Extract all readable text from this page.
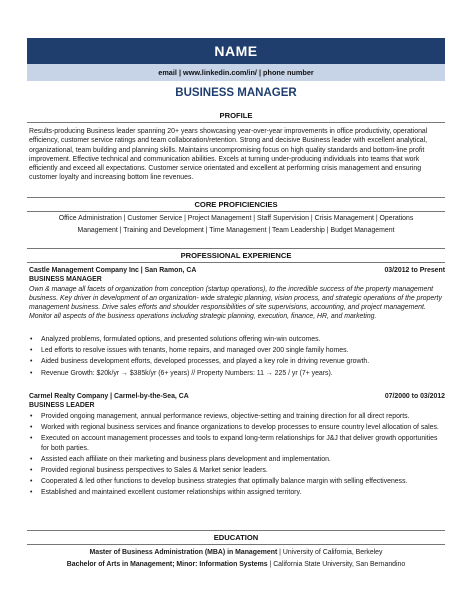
NAME
email | www.linkedin.com/in/ | phone number
BUSINESS MANAGER
PROFILE
Results-producing Business leader spanning 20+ years showcasing year-over-year improvements in office productivity, operational efficiency, customer service ratings and team collaboration/retention. Strong and decisive Business leader with excellent analytical, organizational, team building and planning skills. Maintains uncompromising focus on high quality standards and bottom-line profit improvement. Effective technical and communication abilities. Excels at turning under-producing individuals into teams that work efficiently and exceed all expectations. Customer service orientated and excellent at performing crisis management and ensuring customer loyalty and increasing bottom line revenues.
CORE PROFICIENCIES
Office Administration | Customer Service | Project Management | Staff Supervision | Crisis Management | Operations
Management | Training and Development | Time Management | Team Leadership | Budget Management
PROFESSIONAL EXPERIENCE
Castle Management Company Inc | San Ramon, CA	03/2012 to Present
BUSINESS MANAGER
Own & manage all facets of organization from conception (startup operations), to the incredible success of the property management business. Key driver in development of an organization- wide strategic planning, vision process, and strategic operations of the property management business. Drive sales efforts and shoulder responsibilities of site supervisions, accounting, and project management. Monitor all aspects of the business operations including strategic planning, execution, finance, HR, and marketing.
• Analyzed problems, formulated options, and presented solutions offering win-win outcomes.
• Led efforts to resolve issues with tenants, home repairs, and managed over 200 single family homes.
• Aided business development efforts, developed processes, and played a key role in driving revenue growth.
• Revenue Growth: $20k/yr → $385k/yr (6+ years) // Property Numbers: 11 → 225 / yr (7+ years).
Carmel Realty Company | Carmel-by-the-Sea, CA	07/2000 to 03/2012
BUSINESS LEADER
• Provided ongoing management, annual performance reviews, objective-setting and training direction for all direct reports.
• Worked with regional business services and finance organizations to develop processes to ensure country level allocation of sales.
• Executed on account management processes and tools to expand long-term relationships for J&J that deliver growth opportunities for both parties.
• Assisted each affiliate on their marketing and business plans development and implementation.
• Provided regional business perspectives to Sales & Market senior leaders.
• Cooperated & led other functions to develop business strategies that optimally balance margin with selling effectiveness.
• Established and maintained excellent customer relationships within assigned territory.
EDUCATION
Master of Business Administration (MBA) in Management | University of California, Berkeley
Bachelor of Arts in Management; Minor: Information Systems | California State University, San Bernandino
